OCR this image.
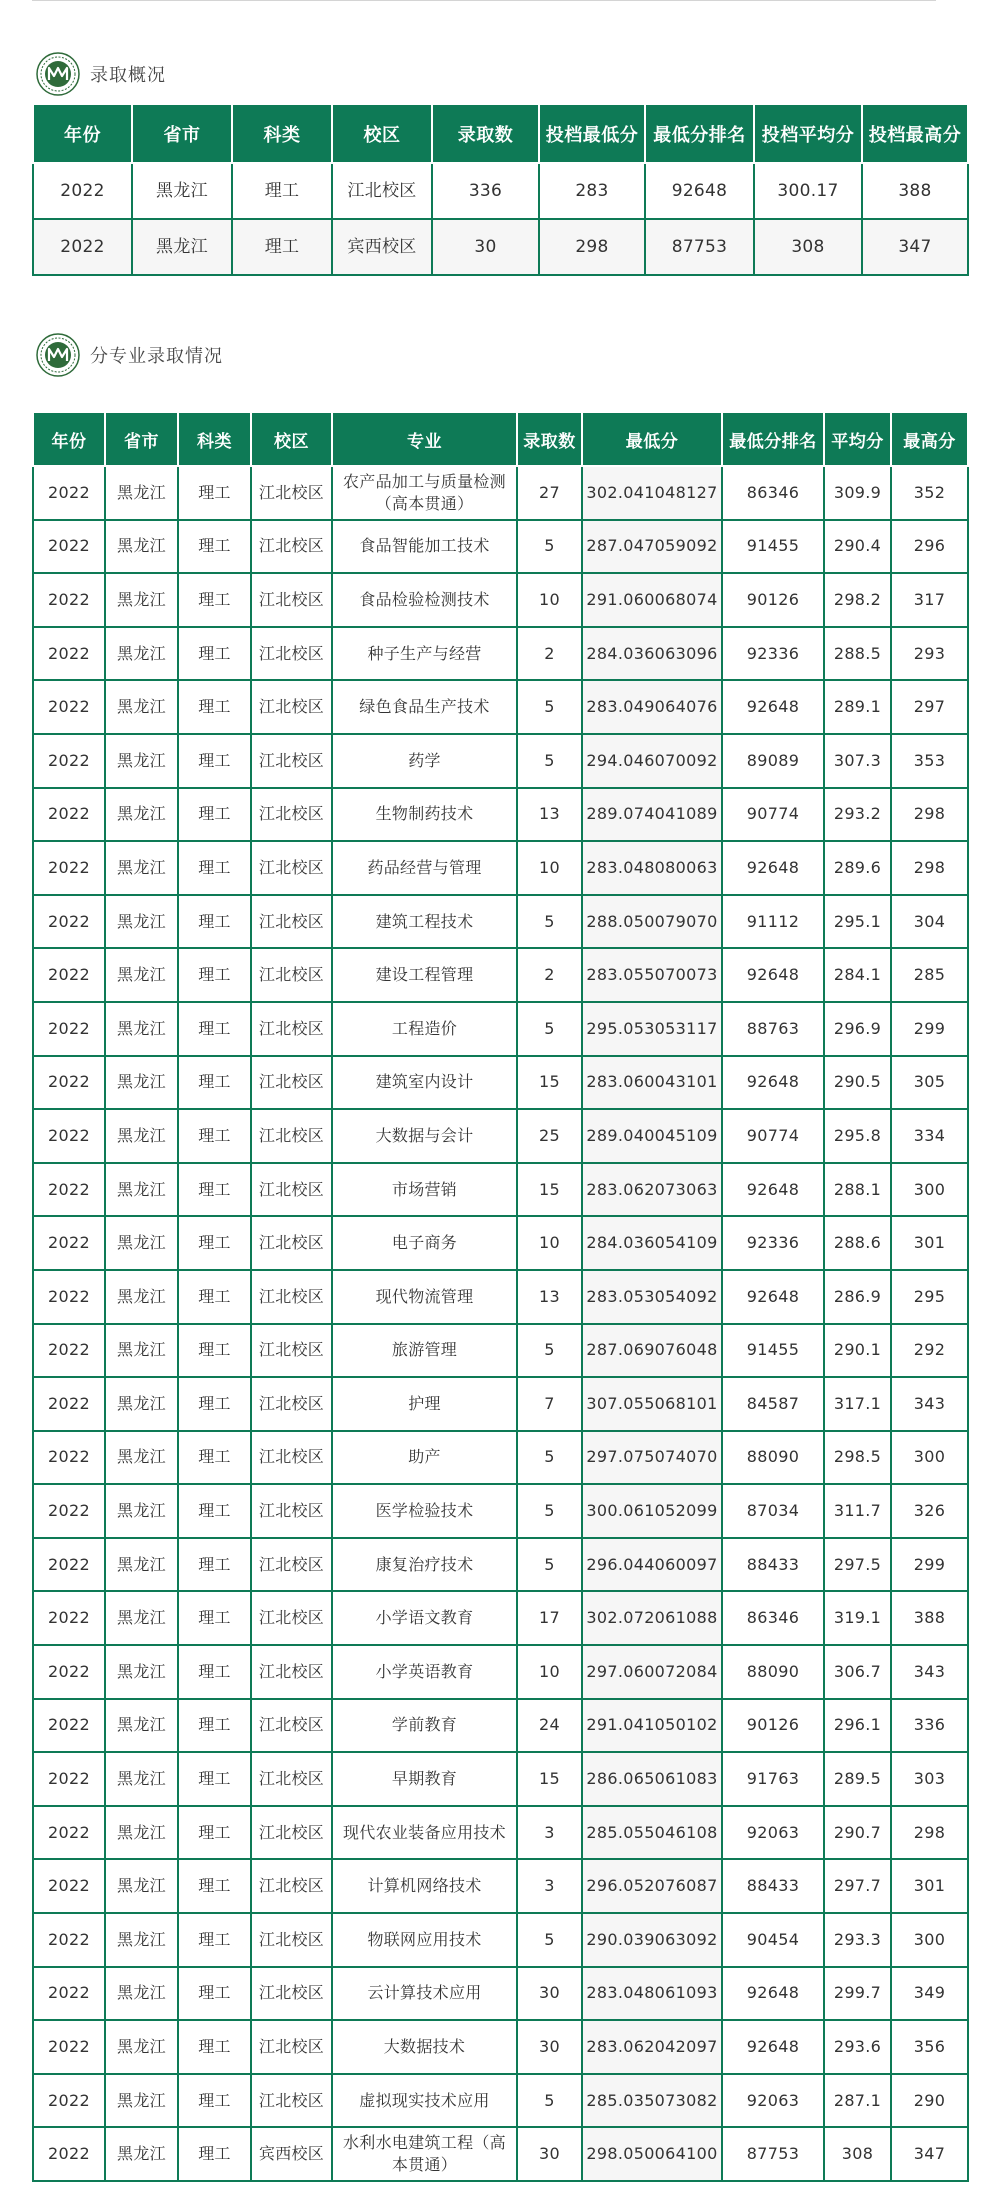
录取概况
年份	省市	科类	校区	录取数	投档最低分	最低分排名	投档平均分	投档最高分
2022	黑龙江	理工	江北校区	336	283	92648	300.17	388
2022	黑龙江	理工	宾西校区	30	298	87753	308	347
分专业录取情况
年份	省市	科类	校区	专业	录取数	最低分	最低分排名	平均分	最高分
2022	黑龙江	理工	江北校区	农产品加工与质量检测（高本贯通）	27	302.041048127	86346	309.9	352
2022	黑龙江	理工	江北校区	食品智能加工技术	5	287.047059092	91455	290.4	296
2022	黑龙江	理工	江北校区	食品检验检测技术	10	291.060068074	90126	298.2	317
2022	黑龙江	理工	江北校区	种子生产与经营	2	284.036063096	92336	288.5	293
2022	黑龙江	理工	江北校区	绿色食品生产技术	5	283.049064076	92648	289.1	297
2022	黑龙江	理工	江北校区	药学	5	294.046070092	89089	307.3	353
2022	黑龙江	理工	江北校区	生物制药技术	13	289.074041089	90774	293.2	298
2022	黑龙江	理工	江北校区	药品经营与管理	10	283.048080063	92648	289.6	298
2022	黑龙江	理工	江北校区	建筑工程技术	5	288.050079070	91112	295.1	304
2022	黑龙江	理工	江北校区	建设工程管理	2	283.055070073	92648	284.1	285
2022	黑龙江	理工	江北校区	工程造价	5	295.053053117	88763	296.9	299
2022	黑龙江	理工	江北校区	建筑室内设计	15	283.060043101	92648	290.5	305
2022	黑龙江	理工	江北校区	大数据与会计	25	289.040045109	90774	295.8	334
2022	黑龙江	理工	江北校区	市场营销	15	283.062073063	92648	288.1	300
2022	黑龙江	理工	江北校区	电子商务	10	284.036054109	92336	288.6	301
2022	黑龙江	理工	江北校区	现代物流管理	13	283.053054092	92648	286.9	295
2022	黑龙江	理工	江北校区	旅游管理	5	287.069076048	91455	290.1	292
2022	黑龙江	理工	江北校区	护理	7	307.055068101	84587	317.1	343
2022	黑龙江	理工	江北校区	助产	5	297.075074070	88090	298.5	300
2022	黑龙江	理工	江北校区	医学检验技术	5	300.061052099	87034	311.7	326
2022	黑龙江	理工	江北校区	康复治疗技术	5	296.044060097	88433	297.5	299
2022	黑龙江	理工	江北校区	小学语文教育	17	302.072061088	86346	319.1	388
2022	黑龙江	理工	江北校区	小学英语教育	10	297.060072084	88090	306.7	343
2022	黑龙江	理工	江北校区	学前教育	24	291.041050102	90126	296.1	336
2022	黑龙江	理工	江北校区	早期教育	15	286.065061083	91763	289.5	303
2022	黑龙江	理工	江北校区	现代农业装备应用技术	3	285.055046108	92063	290.7	298
2022	黑龙江	理工	江北校区	计算机网络技术	3	296.052076087	88433	297.7	301
2022	黑龙江	理工	江北校区	物联网应用技术	5	290.039063092	90454	293.3	300
2022	黑龙江	理工	江北校区	云计算技术应用	30	283.048061093	92648	299.7	349
2022	黑龙江	理工	江北校区	大数据技术	30	283.062042097	92648	293.6	356
2022	黑龙江	理工	江北校区	虚拟现实技术应用	5	285.035073082	92063	287.1	290
2022	黑龙江	理工	宾西校区	水利水电建筑工程（高本贯通）	30	298.050064100	87753	308	347
